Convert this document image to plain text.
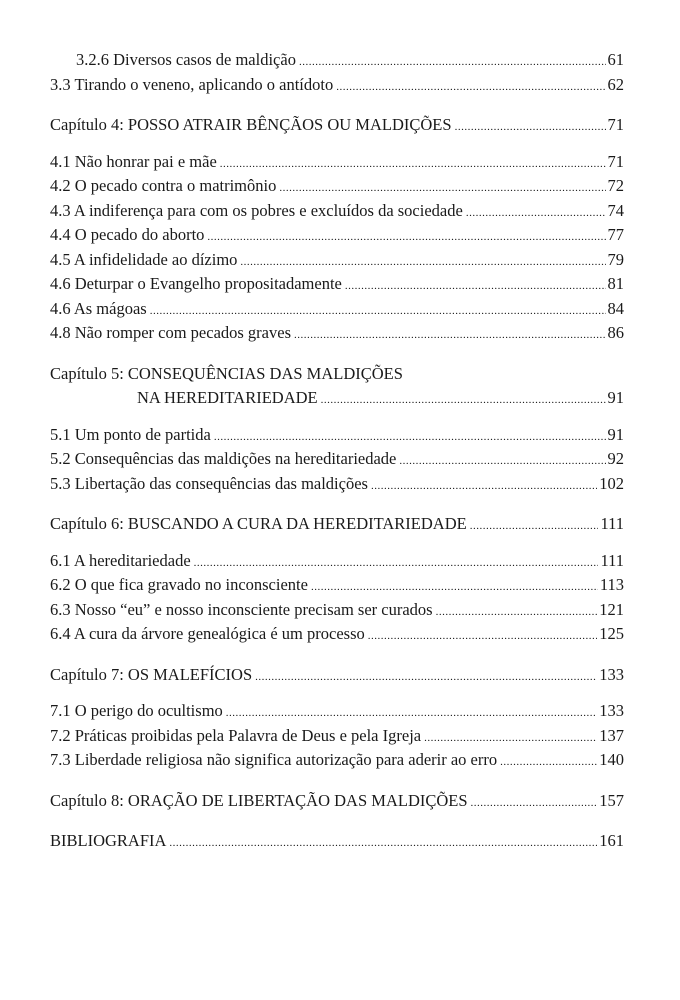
3.2.6 Diversos casos de maldição .....	61
3.3 Tirando o veneno, aplicando o antídoto .....	62
Capítulo 4: POSSO ATRAIR BÊNÇÃOS OU MALDIÇÕES .....	71
4.1 Não honrar pai e mãe .....	71
4.2 O pecado contra o matrimônio .....	72
4.3 A indiferença para com os pobres e excluídos da sociedade .....	74
4.4 O pecado do aborto .....	77
4.5 A infidelidade ao dízimo .....	79
4.6 Deturpar o Evangelho propositadamente .....	81
4.6 As mágoas .....	84
4.8 Não romper com pecados graves .....	86
Capítulo 5: CONSEQUÊNCIAS DAS MALDIÇÕES
NA HEREDITARIEDADE .....	91
5.1 Um ponto de partida .....	91
5.2 Consequências das maldições na hereditariedade .....	92
5.3 Libertação das consequências das maldições .....	102
Capítulo 6: BUSCANDO A CURA DA HEREDITARIEDADE .....	111
6.1 A hereditariedade .....	111
6.2 O que fica gravado no inconsciente .....	113
6.3 Nosso “eu” e nosso inconsciente precisam ser curados .....	121
6.4 A cura da árvore genealógica é um processo .....	125
Capítulo 7: OS MALEFÍCIOS .....	133
7.1 O perigo do ocultismo .....	133
7.2 Práticas proibidas pela Palavra de Deus e pela Igreja .....	137
7.3 Liberdade religiosa não significa autorização para aderir ao erro .....	140
Capítulo 8: ORAÇÃO DE LIBERTAÇÃO DAS MALDIÇÕES .....	157
BIBLIOGRAFIA .....	161
